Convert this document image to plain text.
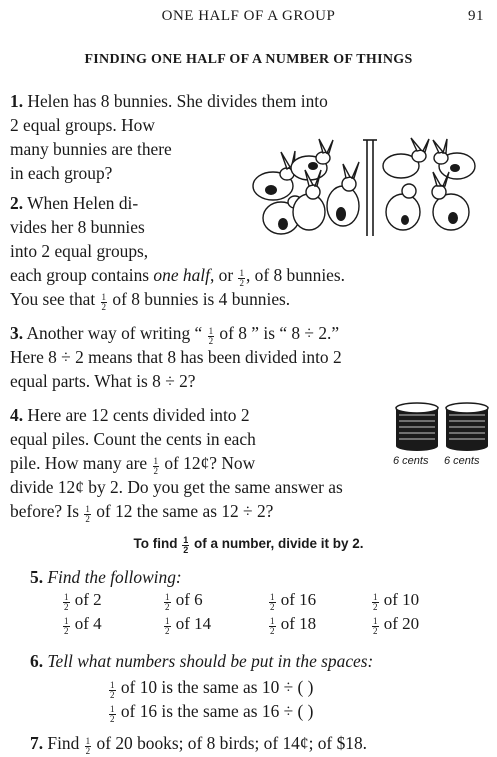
ONE HALF OF A GROUP	91
FINDING ONE HALF OF A NUMBER OF THINGS
1. Helen has 8 bunnies. She divides them into
2 equal groups. How
many bunnies are there
in each group?
2. When Helen di-
vides her 8 bunnies
into 2 equal groups,
each group contains one half, or $\frac{1}{2}$ , of 8 bunnies.
You see that $\frac{1}{2}$ of 8 bunnies is 4 bunnies.
3. Another way of writing “ $\frac{1}{2}$ of 8 ” is “ 8 ÷ 2.”
Here 8 ÷ 2 means that 8 has been divided into 2
equal parts. What is 8 ÷ 2?
4. Here are 12 cents divided into 2
equal piles. Count the cents in each
pile. How many are $\frac{1}{2}$ of 12¢? Now
divide 12¢ by 2. Do you get the same answer as
before? Is $\frac{1}{2}$ of 12 the same as 12 ÷ 2?
6 cents 6 cents
To find $\frac{1}{2}$ of a number, divide it by 2.
5. Find the following:
$\frac{1}{2}$ of 2	$\frac{1}{2}$ of 6	$\frac{1}{2}$ of 16	$\frac{1}{2}$ of 10
$\frac{1}{2}$ of 4	$\frac{1}{2}$ of 14	$\frac{1}{2}$ of 18	$\frac{1}{2}$ of 20
6. Tell what numbers should be put in the spaces:
$\frac{1}{2}$ of 10 is the same as 10 ÷ ( )
$\frac{1}{2}$ of 16 is the same as 16 ÷ ( )
7. Find $\frac{1}{2}$ of 20 books; of 8 birds; of 14¢; of $18.
